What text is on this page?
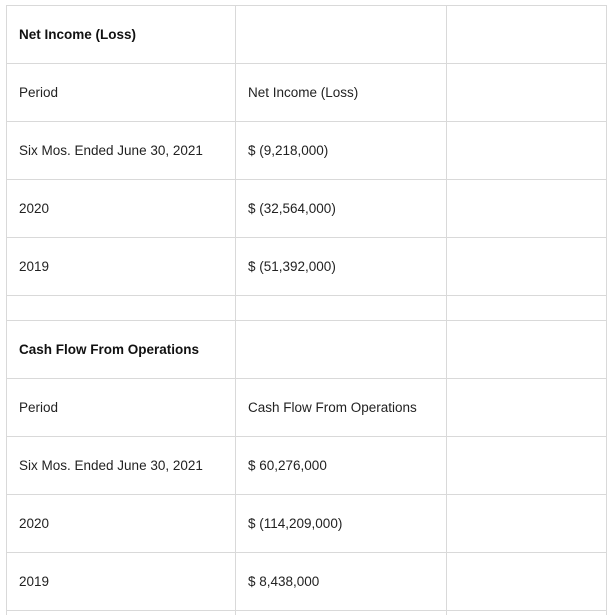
Net Income (Loss)		
Period	Net Income (Loss)	
Six Mos. Ended June 30, 2021	$ (9,218,000)	
2020	$ (32,564,000)	
2019	$ (51,392,000)	

Cash Flow From Operations		
Period	Cash Flow From Operations	
Six Mos. Ended June 30, 2021	$ 60,276,000	
2020	$ (114,209,000)	
2019	$ 8,438,000	
